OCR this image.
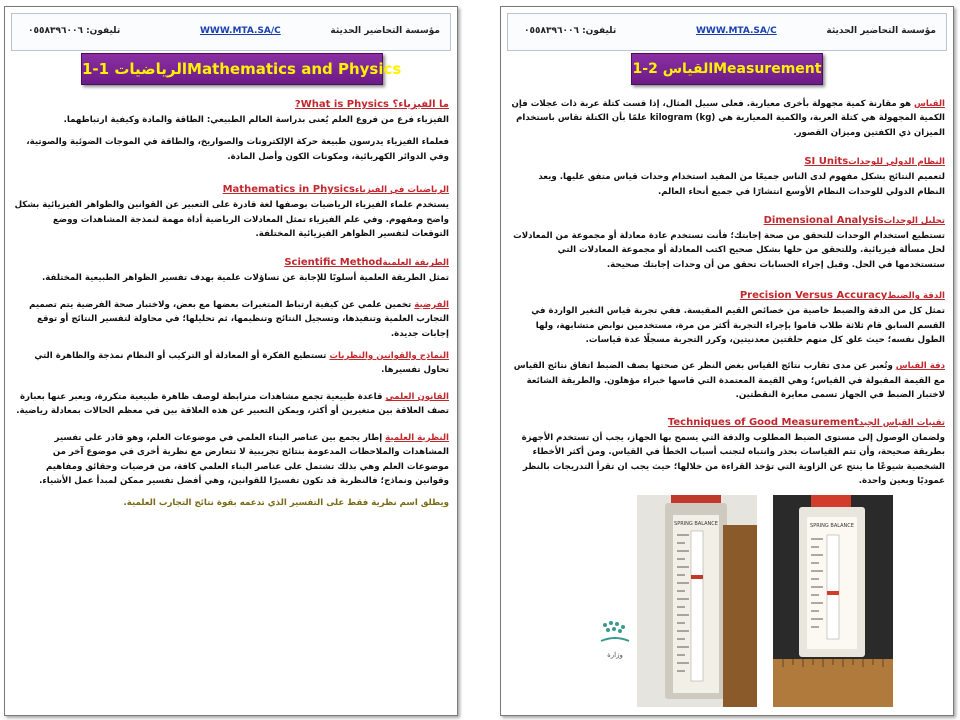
مؤسسة التحاضير الحديثة
WWW.MTA.SA/C
تليفون: ٠٥٥٨٣٩٦٠٠٦
1-1 الرياضياتMathematics and Physics
ما الفيزياء؟ What is Physics?

الفيزياء فرع من فروع العلم يُعنى بدراسة العالم الطبيعي: الطاقة والمادة وكيفية ارتباطهما.

فعلماء الفيزياء يدرسون طبيعة حركة الإلكترونات والصواريخ، والطاقة في الموجات الضوئية والصوتية، وفي الدوائر الكهربائية، ومكونات الكون وأصل المادة.

الرياضيات في الفيزياءMathematics in Physics

يستخدم علماء الفيزياء الرياضيات بوصفها لغة قادرة على التعبير عن القوانين والظواهر الفيزيائية بشكل واضح ومفهوم. وفي علم الفيزياء تمثل المعادلات الرياضية أداة مهمة لنمذجة المشاهدات ووضع التوقعات لتفسير الظواهر الفيزيائية المختلفة.

الطريقة العلميةScientific Method

تمثل الطريقة العلمية أسلوبًا للإجابة عن تساؤلات علمية بهدف تفسير الظواهر الطبيعية المختلفة.

الفرضية تخمين علمي عن كيفية ارتباط المتغيرات بعضها مع بعض، ولاختبار صحة الفرضية يتم تصميم التجارب العلمية وتنفيذها، وتسجيل النتائج وتنظيمها، ثم تحليلها؛ في محاولة لتفسير النتائج أو توقع إجابات جديدة.

النماذج والقوانين والنظريات تستطيع الفكرة أو المعادلة أو التركيب أو النظام نمذجة والظاهرة التي تحاول تفسيرها.

القانون العلمي قاعدة طبيعية تجمع مشاهدات مترابطة لوصف ظاهرة طبيعية متكررة، ويعبر عنها بعبارة تصف العلاقة بين متغيرين أو أكثر، ويمكن التعبير عن هذه العلاقة بين في معظم الحالات بمعادلة رياضية.

النظرية العلمية إطار يجمع بين عناصر البناء العلمي في موضوعات العلم، وهو قادر على تفسير المشاهدات والملاحظات المدعومة بنتائج تجريبية لا تتعارض مع نظرية أخرى في موضوع آخر من موضوعات العلم وهي بذلك تشتمل على عناصر البناء العلمي كافة، من فرضيات وحقائق ومفاهيم وقوانين ونماذج؛ فالنظرية قد تكون تفسيرًا للقوانين، وهي أفضل تفسير ممكن لمبدأ عمل الأشياء.

ويطلق اسم نظرية فقط على التفسير الذي تدعمه بقوة نتائج التجارب العلمية.

مؤسسة التحاضير الحديثة
WWW.MTA.SA/C
تليفون: ٠٥٥٨٣٩٦٠٠٦
1-2 القياسMeasurement

القياس هو مقارنة كمية مجهولة بأخرى معيارية. فعلى سبيل المثال، إذا قست كتلة عربة ذات عجلات فإن الكمية المجهولة هي كتلة العربة، والكمية المعيارية هي kilogram (kg) علمًا بأن الكتلة تقاس باستخدام الميزان ذي الكفتين وميزان القصور.

النظام الدولي للوحداتSI Units

لتعميم النتائج بشكل مفهوم لدى الناس جميعًا من المفيد استخدام وحدات قياس متفق عليها. ويعد النظام الدولي للوحدات النظام الأوسع انتشارًا في جميع أنحاء العالم.

تحليل الوحداتDimensional Analysis

تستطيع استخدام الوحدات للتحقق من صحة إجابتك؛ فأنت تستخدم عادة معادلة أو مجموعة من المعادلات لحل مسألة فيزيائية. وللتحقق من حلها بشكل صحيح اكتب المعادلة أو مجموعة المعادلات التي ستستخدمها في الحل. وقبل إجراء الحسابات تحقق من أن وحدات إجابتك صحيحة.

الدقة والضبطPrecision Versus Accuracy

تمثل كل من الدقة والضبط خاصية من خصائص القيم المقيسة. ففي تجربة قياس التغير الواردة في القسم السابق قام ثلاثة طلاب قاموا بإجراء التجربة أكثر من مرة، مستخدمين نوابض متشابهة، ولها الطول نفسه؛ حيث علق كل منهم حلقتين معدنيتين، وكرر التجربة مسجلًا عدة قياسات.

دقة القياس وتُعبر عن مدى تقارب نتائج القياس بغض النظر عن صحتها بصف الضبط اتفاق نتائج القياس مع القيمة المقبولة في القياس؛ وهي القيمة المعتمدة التي قاسها خبراء مؤهلون. والطريقة الشائعة لاختبار الضبط في الجهاز تسمى معايرة النقطتين.

تقنيات القياس الجيدTechniques of Good Measurement

ولضمان الوصول إلى مستوى الضبط المطلوب والدقة التي يسمح بها الجهاز، يجب أن تستخدم الأجهزة بطريقة صحيحة، وأن تتم القياسات بحذر وانتباه لتجنب أسباب الخطأ في القياس. ومن أكثر الأخطاء الشخصية شيوعًا ما ينتج عن الزاوية التي تؤخذ القراءة من خلالها؛ حيث يجب ان تقرأ التدريجات بالنظر عموديًا وبعين واحدة.

وزارة
SPRING BALANCE	SPRING BALANCE
